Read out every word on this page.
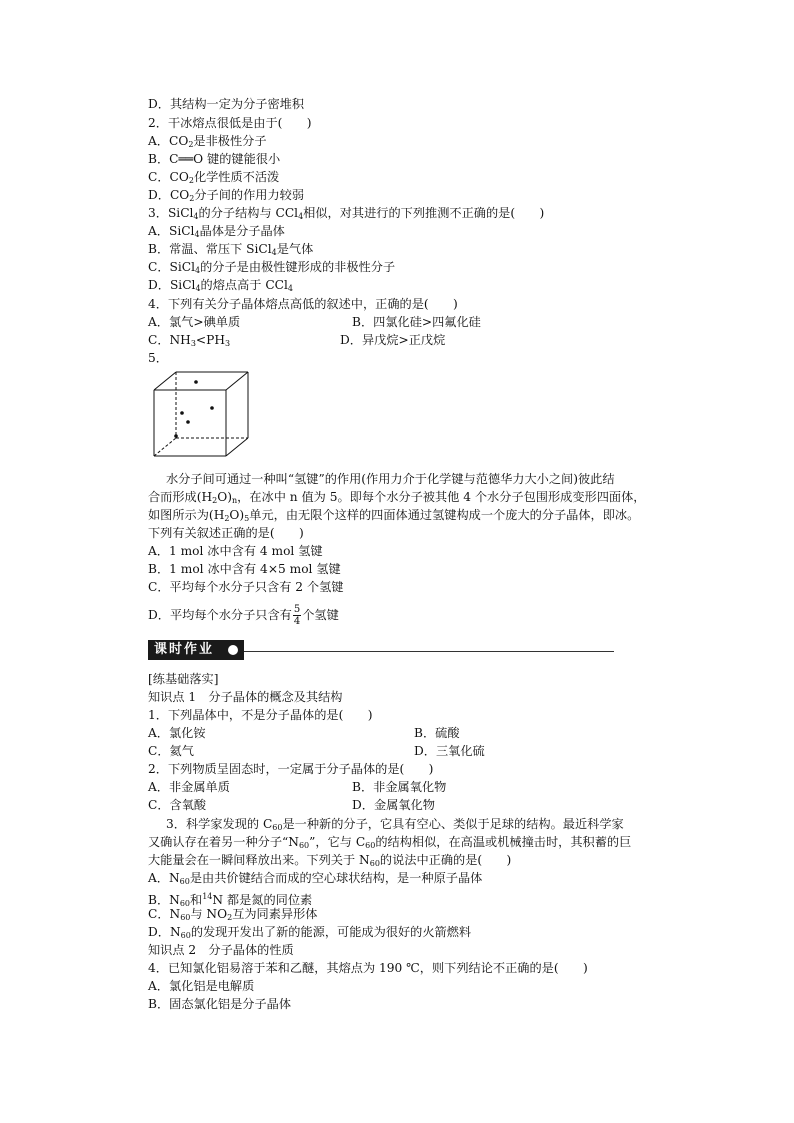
D．其结构一定为分子密堆积
2．干冰熔点很低是由于(　　)
A．$CO_2$是非极性分子
B．C══O 键的键能很小
C．$CO_2$化学性质不活泼
D．$CO_2$分子间的作用力较弱
3．SiCl$_4$的分子结构与 CCl$_4$相似，对其进行的下列推测不正确的是(　　)
A．SiCl$_4$晶体是分子晶体
B．常温、常压下 SiCl$_4$是气体
C．SiCl$_4$的分子是由极性键形成的非极性分子
D．SiCl$_4$的熔点高于 CCl$_4$
4．下列有关分子晶体熔点高低的叙述中，正确的是(　　)
A．氯气>碘单质	B．四氯化硅>四氟化硅
C．$NH_3<PH_3$	D．异戊烷>正戊烷
5．
水分子间可通过一种叫“氢键”的作用(作用力介于化学键与范德华力大小之间)彼此结
合而形成$(H_2O)_n$，在冰中 n 值为 5。即每个水分子被其他 4 个水分子包围形成变形四面体，
如图所示为$(H_2O)_5$单元，由无限个这样的四面体通过氢键构成一个庞大的分子晶体，即冰。
下列有关叙述正确的是(　　)
A．1 mol 冰中含有 4 mol 氢键
B．1 mol 冰中含有 4×5 mol 氢键
C．平均每个水分子只含有 2 个氢键
D．平均每个水分子只含有 $\frac{5}{4}$ 个氢键
课时作业
[练基础落实]
知识点 1　分子晶体的概念及其结构
1．下列晶体中，不是分子晶体的是(　　)
A．氯化铵	B．硫酸
C．氦气	D．三氧化硫
2．下列物质呈固态时，一定属于分子晶体的是(　　)
A．非金属单质	B．非金属氧化物
C．含氧酸	D．金属氧化物
3．科学家发现的 $C_{60}$是一种新的分子，它具有空心、类似于足球的结构。最近科学家
又确认存在着另一种分子“$N_{60}$”，它与 $C_{60}$的结构相似，在高温或机械撞击时，其积蓄的巨
大能量会在一瞬间释放出来。下列关于 $N_{60}$的说法中正确的是(　　)
A．$N_{60}$是由共价键结合而成的空心球状结构，是一种原子晶体
B．$N_{60}$和$^{14}$N 都是氮的同位素
C．$N_{60}$与 $NO_2$互为同素异形体
D．$N_{60}$的发现开发出了新的能源，可能成为很好的火箭燃料
知识点 2　分子晶体的性质
4．已知氯化铝易溶于苯和乙醚，其熔点为 190 ℃，则下列结论不正确的是(　　)
A．氯化铝是电解质
B．固态氯化铝是分子晶体
